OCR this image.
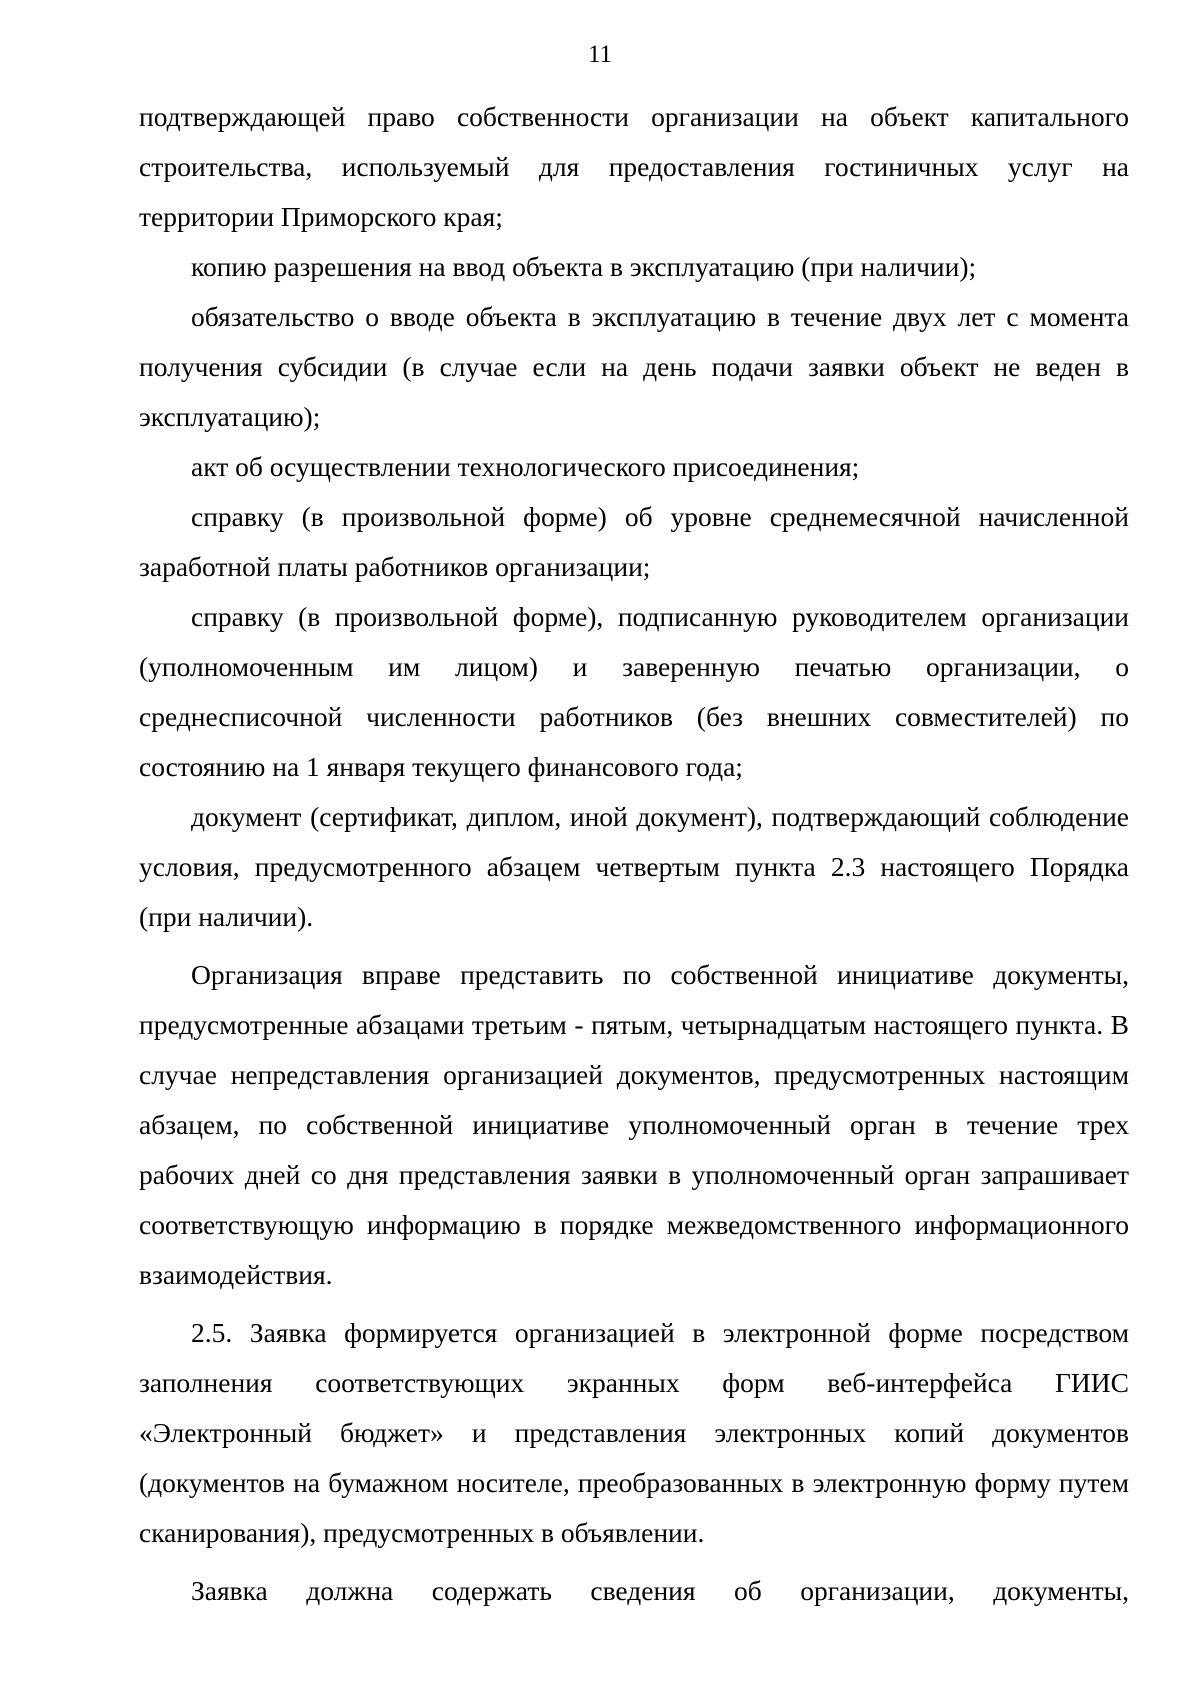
11

подтверждающей право собственности организации на объект капитального строительства, используемый для предоставления гостиничных услуг на территории Приморского края;

копию разрешения на ввод объекта в эксплуатацию (при наличии);

обязательство о вводе объекта в эксплуатацию в течение двух лет с момента получения субсидии (в случае если на день подачи заявки объект не веден в эксплуатацию);

акт об осуществлении технологического присоединения;

справку (в произвольной форме) об уровне среднемесячной начисленной заработной платы работников организации;

справку (в произвольной форме), подписанную руководителем организации (уполномоченным им лицом) и заверенную печатью организации, о среднесписочной численности работников (без внешних совместителей) по состоянию на 1 января текущего финансового года;

документ (сертификат, диплом, иной документ), подтверждающий соблюдение условия, предусмотренного абзацем четвертым пункта 2.3 настоящего Порядка (при наличии).

Организация вправе представить по собственной инициативе документы, предусмотренные абзацами третьим - пятым, четырнадцатым настоящего пункта. В случае непредставления организацией документов, предусмотренных настоящим абзацем, по собственной инициативе уполномоченный орган в течение трех рабочих дней со дня представления заявки в уполномоченный орган запрашивает соответствующую информацию в порядке межведомственного информационного взаимодействия.

2.5. Заявка формируется организацией в электронной форме посредством заполнения соответствующих экранных форм веб-интерфейса ГИИС «Электронный бюджет» и представления электронных копий документов (документов на бумажном носителе, преобразованных в электронную форму путем сканирования), предусмотренных в объявлении.

Заявка должна содержать сведения об организации, документы,
